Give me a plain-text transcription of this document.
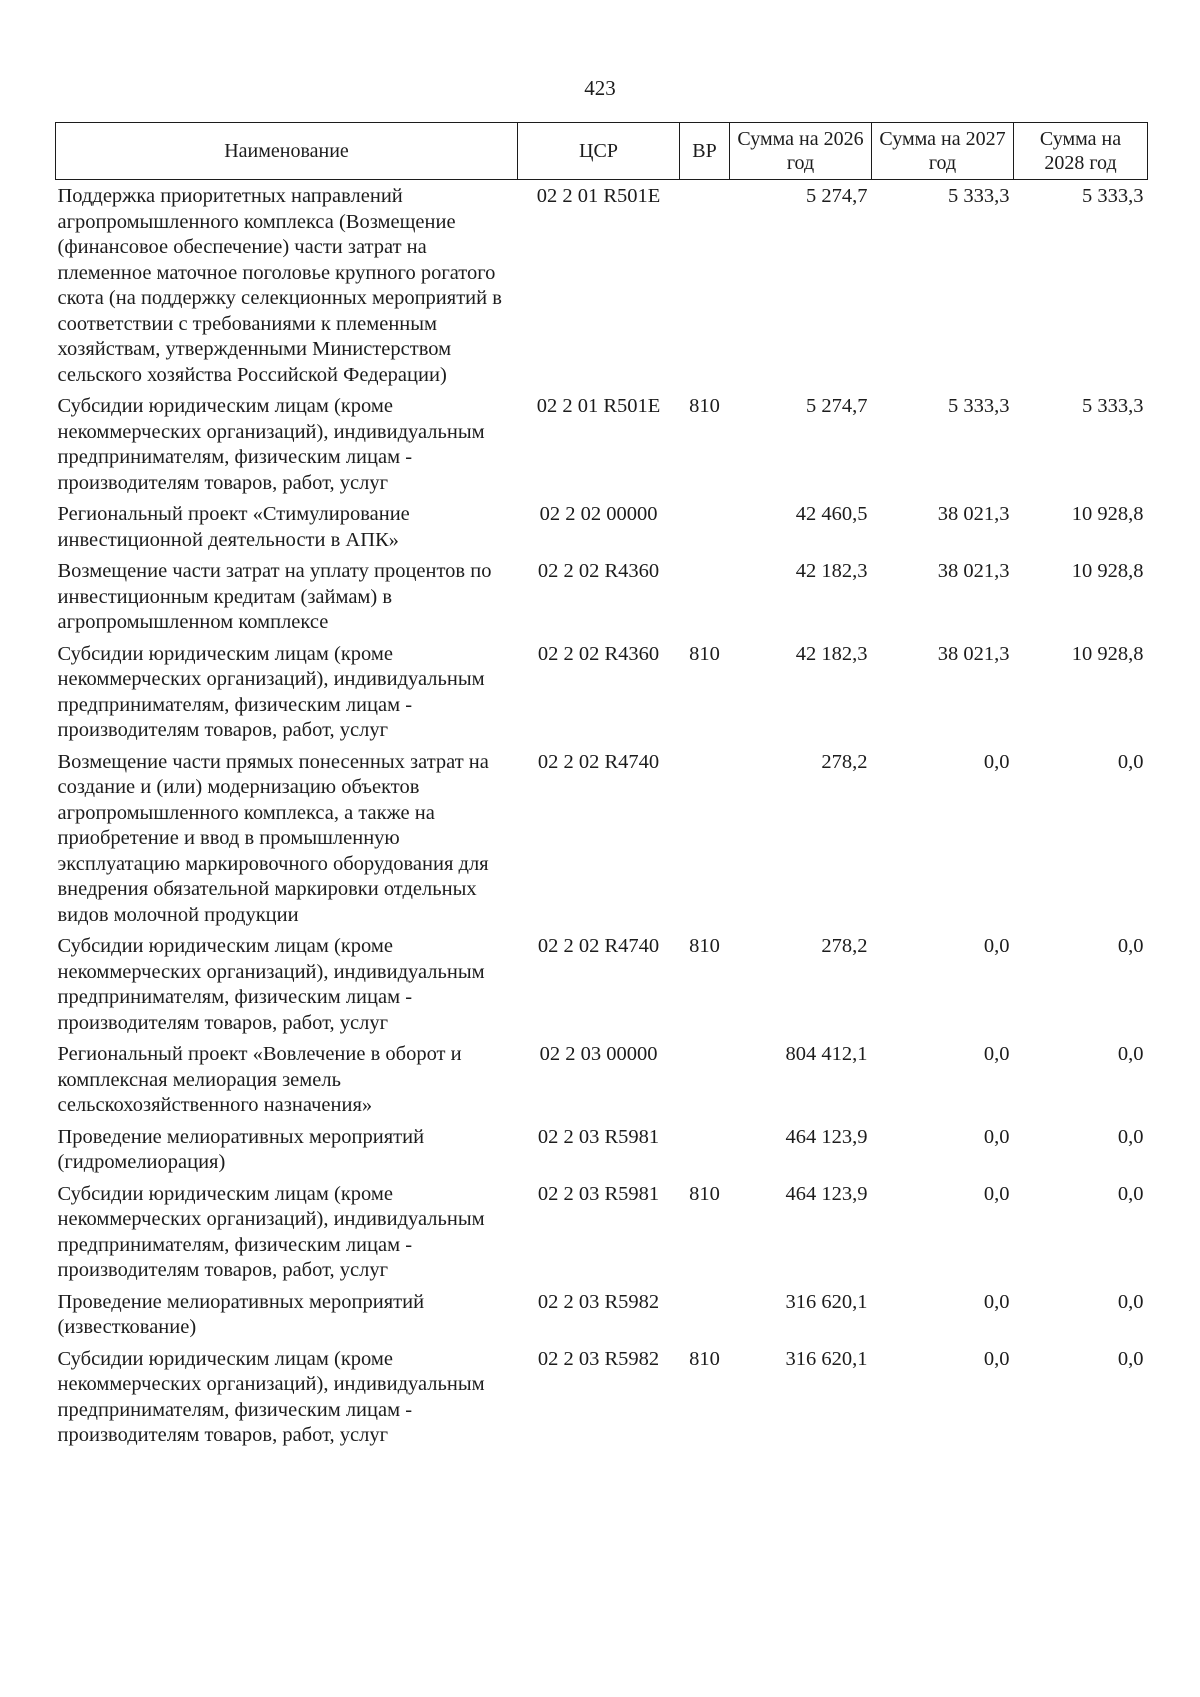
423
Наименование	ЦСР	ВР	Сумма на 2026 год	Сумма на 2027 год	Сумма на 2028 год
Поддержка приоритетных направлений агропромышленного комплекса (Возмещение (финансовое обеспечение) части затрат на племенное маточное поголовье крупного рогатого скота (на поддержку селекционных мероприятий в соответствии с требованиями к племенным хозяйствам, утвержденными Министерством сельского хозяйства Российской Федерации)	02 2 01 R501E		5 274,7	5 333,3	5 333,3
Субсидии юридическим лицам (кроме некоммерческих организаций), индивидуальным предпринимателям, физическим лицам - производителям товаров, работ, услуг	02 2 01 R501E	810	5 274,7	5 333,3	5 333,3
Региональный проект «Стимулирование инвестиционной деятельности в АПК»	02 2 02 00000		42 460,5	38 021,3	10 928,8
Возмещение части затрат на уплату процентов по инвестиционным кредитам (займам) в агропромышленном комплексе	02 2 02 R4360		42 182,3	38 021,3	10 928,8
Субсидии юридическим лицам (кроме некоммерческих организаций), индивидуальным предпринимателям, физическим лицам - производителям товаров, работ, услуг	02 2 02 R4360	810	42 182,3	38 021,3	10 928,8
Возмещение части прямых понесенных затрат на создание и (или) модернизацию объектов агропромышленного комплекса, а также на приобретение и ввод в промышленную эксплуатацию маркировочного оборудования для внедрения обязательной маркировки отдельных видов молочной продукции	02 2 02 R4740		278,2	0,0	0,0
Субсидии юридическим лицам (кроме некоммерческих организаций), индивидуальным предпринимателям, физическим лицам - производителям товаров, работ, услуг	02 2 02 R4740	810	278,2	0,0	0,0
Региональный проект «Вовлечение в оборот и комплексная мелиорация земель сельскохозяйственного назначения»	02 2 03 00000		804 412,1	0,0	0,0
Проведение мелиоративных мероприятий (гидромелиорация)	02 2 03 R5981		464 123,9	0,0	0,0
Субсидии юридическим лицам (кроме некоммерческих организаций), индивидуальным предпринимателям, физическим лицам - производителям товаров, работ, услуг	02 2 03 R5981	810	464 123,9	0,0	0,0
Проведение мелиоративных мероприятий (известкование)	02 2 03 R5982		316 620,1	0,0	0,0
Субсидии юридическим лицам (кроме некоммерческих организаций), индивидуальным предпринимателям, физическим лицам - производителям товаров, работ, услуг	02 2 03 R5982	810	316 620,1	0,0	0,0
